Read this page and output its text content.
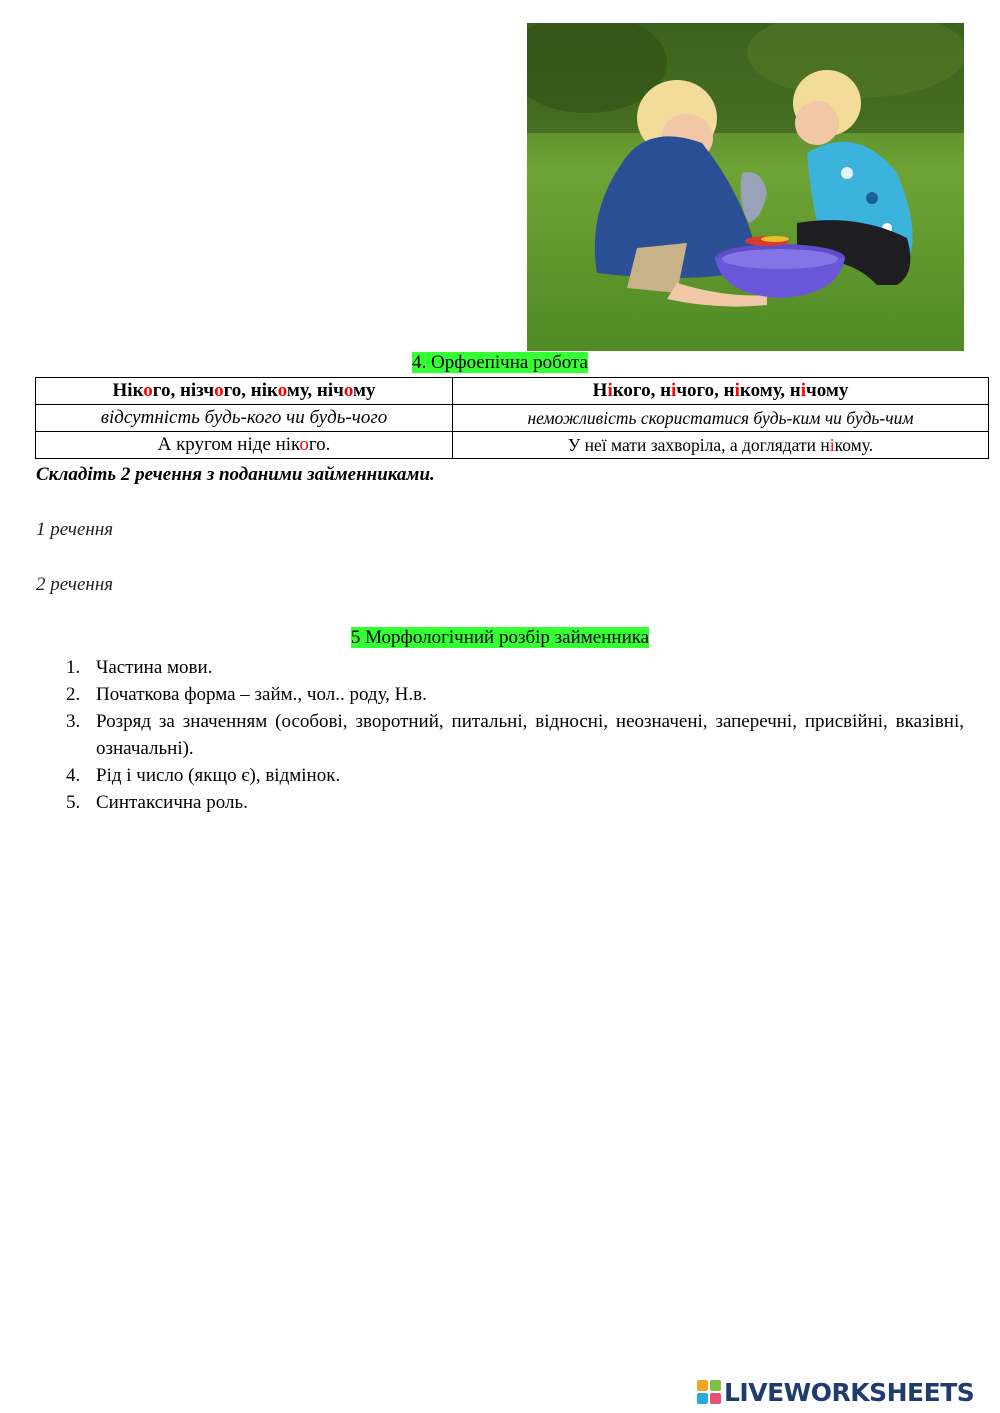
4. Орфоепічна робота
Нікого, нізчого, нікому, нічому	Нікого, нічого, нікому, нічому
відсутність будь-кого чи будь-чого	неможливість скористатися будь-ким чи будь-чим
А кругом ніде нікого.	У неї мати захворіла, а доглядати нікому.
Складіть 2 речення з поданими займенниками.
1 речення
2 речення
5 Морфологічний розбір займенника
1. Частина мови.
2. Початкова форма – займ., чол.. роду, Н.в.
3. Розряд за значенням (особові, зворотний, питальні, відносні, неозначені, заперечні, присвійні, вказівні, означальні).
4. Рід і число (якщо є), відмінок.
5. Синтаксична роль.
LIVEWORKSHEETS
